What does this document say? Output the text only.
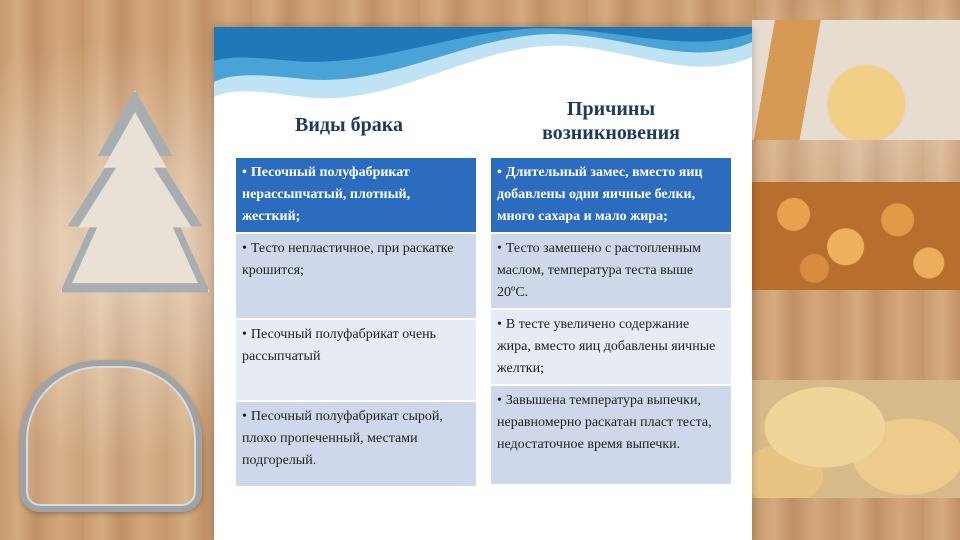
Виды брака
Причины возникновения
• Песочный полуфабрикат нерассыпчатый, плотный, жесткий;
• Тесто непластичное, при раскатке крошится;
• Песочный полуфабрикат очень рассыпчатый
• Песочный полуфабрикат сырой, плохо пропеченный, местами подгорелый.
• Длительный замес, вместо яиц добавлены одни яичные белки, много сахара и мало жира;
• Тесто замешено с растопленным маслом, температура теста выше 20ºС.
• В тесте увеличено содержание жира, вместо яиц добавлены яичные желтки;
• Завышена температура выпечки, неравномерно раскатан пласт теста, недостаточное время выпечки.
